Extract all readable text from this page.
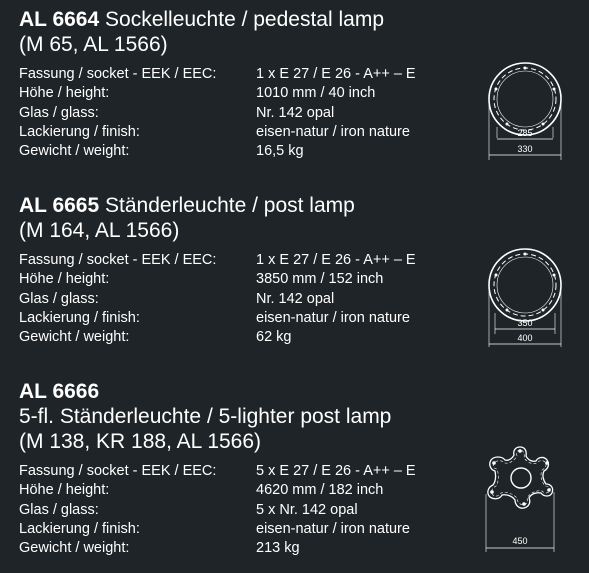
AL 6664 Sockelleuchte / pedestal lamp
(M 65, AL 1566)
Fassung / socket - EEK / EEC:	1 x E 27 / E 26 - A++ – E
Höhe / height:	1010 mm / 40 inch
Glas / glass:	Nr. 142 opal
Lackierung / finish:	eisen-natur / iron nature
Gewicht / weight:	16,5 kg
285
330
AL 6665 Ständerleuchte / post lamp
(M 164, AL 1566)
Fassung / socket - EEK / EEC:	1 x E 27 / E 26 - A++ – E
Höhe / height:	3850 mm / 152 inch
Glas / glass:	Nr. 142 opal
Lackierung / finish:	eisen-natur / iron nature
Gewicht / weight:	62 kg
350
400
AL 6666
5-fl. Ständerleuchte / 5-lighter post lamp
(M 138, KR 188, AL 1566)
Fassung / socket - EEK / EEC:	5 x E 27 / E 26 - A++ – E
Höhe / height:	4620 mm / 182 inch
Glas / glass:	5 x Nr. 142 opal
Lackierung / finish:	eisen-natur / iron nature
Gewicht / weight:	213 kg	450
